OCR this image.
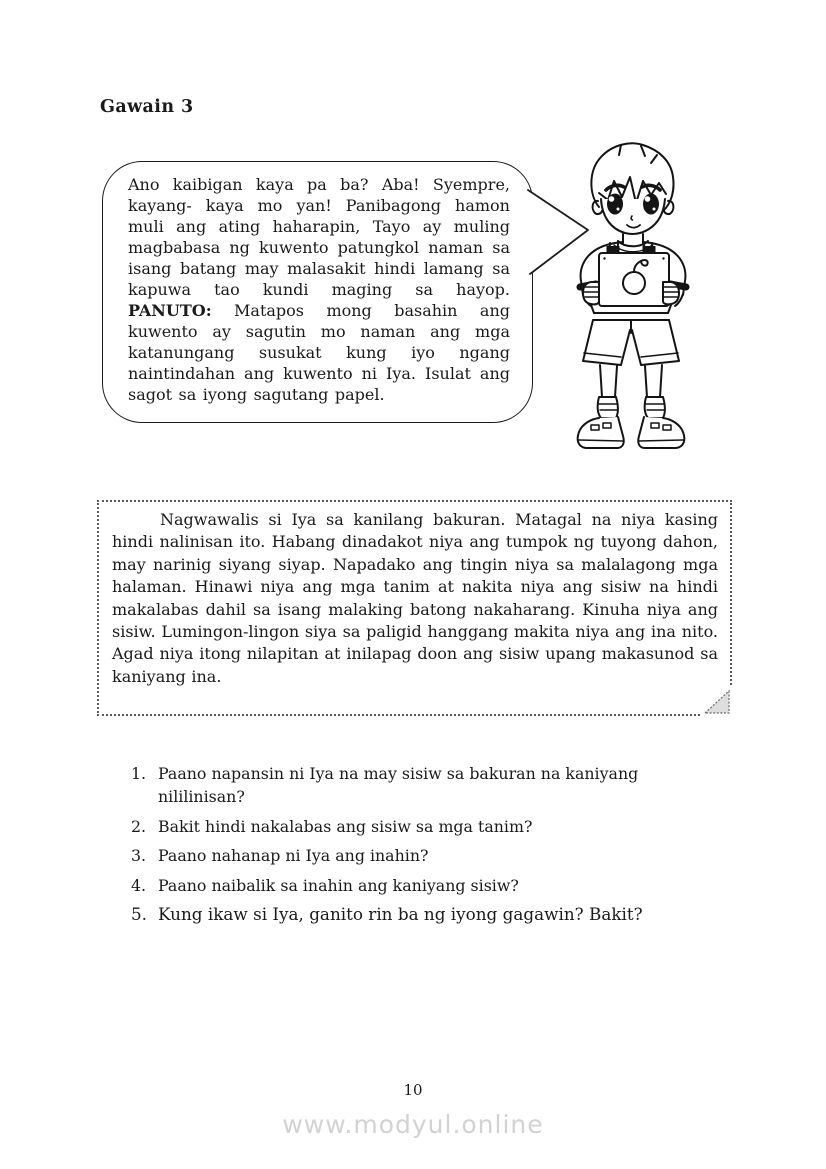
Gawain 3

Ano kaibigan kaya pa ba? Aba! Syempre, kayang- kaya mo yan! Panibagong hamon muli ang ating haharapin, Tayo ay muling magbabasa ng kuwento patungkol naman sa isang batang may malasakit hindi lamang sa kapuwa tao kundi maging sa hayop. PANUTO: Matapos mong basahin ang kuwento ay sagutin mo naman ang mga katanungang susukat kung iyo ngang naintindahan ang kuwento ni Iya. Isulat ang sagot sa iyong sagutang papel.

Nagwawalis si Iya sa kanilang bakuran. Matagal na niya kasing hindi nalinisan ito. Habang dinadakot niya ang tumpok ng tuyong dahon, may narinig siyang siyap. Napadako ang tingin niya sa malalagong mga halaman. Hinawi niya ang mga tanim at nakita niya ang sisiw na hindi makalabas dahil sa isang malaking batong nakaharang. Kinuha niya ang sisiw. Lumingon-lingon siya sa paligid hanggang makita niya ang ina nito. Agad niya itong nilapitan at inilapag doon ang sisiw upang makasunod sa kaniyang ina.

1. Paano napansin ni Iya na may sisiw sa bakuran na kaniyang nililinisan?
2. Bakit hindi nakalabas ang sisiw sa mga tanim?
3. Paano nahanap ni Iya ang inahin?
4. Paano naibalik sa inahin ang kaniyang sisiw?
5. Kung ikaw si Iya, ganito rin ba ng iyong gagawin? Bakit?
10
www.modyul.online
